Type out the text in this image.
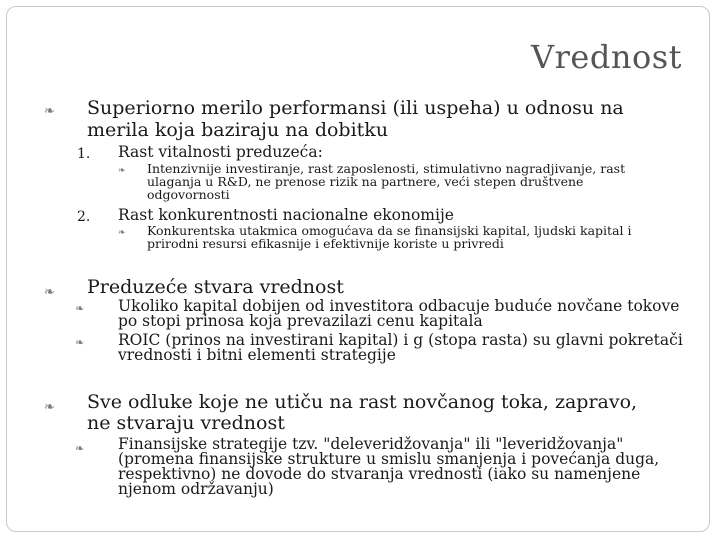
Vrednost
❧ Superiorno merilo performansi (ili uspeha) u odnosu na
merila koja baziraju na dobitku
1. Rast vitalnosti preduzeća:
❧ Intenzivnije investiranje, rast zaposlenosti, stimulativno nagradjivanje, rast
ulaganja u R&D, ne prenose rizik na partnere, veći stepen društvene
odgovornosti
2. Rast konkurentnosti nacionalne ekonomije
❧ Konkurentska utakmica omogućava da se finansijski kapital, ljudski kapital i
prirodni resursi efikasnije i efektivnije koriste u privredi
❧ Preduzeće stvara vrednost
❧ Ukoliko kapital dobijen od investitora odbacuje buduće novčane tokove
po stopi prinosa koja prevazilazi cenu kapitala
❧ ROIC (prinos na investirani kapital) i g (stopa rasta) su glavni pokretači
vrednosti i bitni elementi strategije
❧ Sve odluke koje ne utiču na rast novčanog toka, zapravo,
ne stvaraju vrednost
❧ Finansijske strategije tzv. "deleveridžovanja" ili "leveridžovanja"
(promena finansijske strukture u smislu smanjenja i povećanja duga,
respektivno) ne dovode do stvaranja vrednosti (iako su namenjene
njenom održavanju)
